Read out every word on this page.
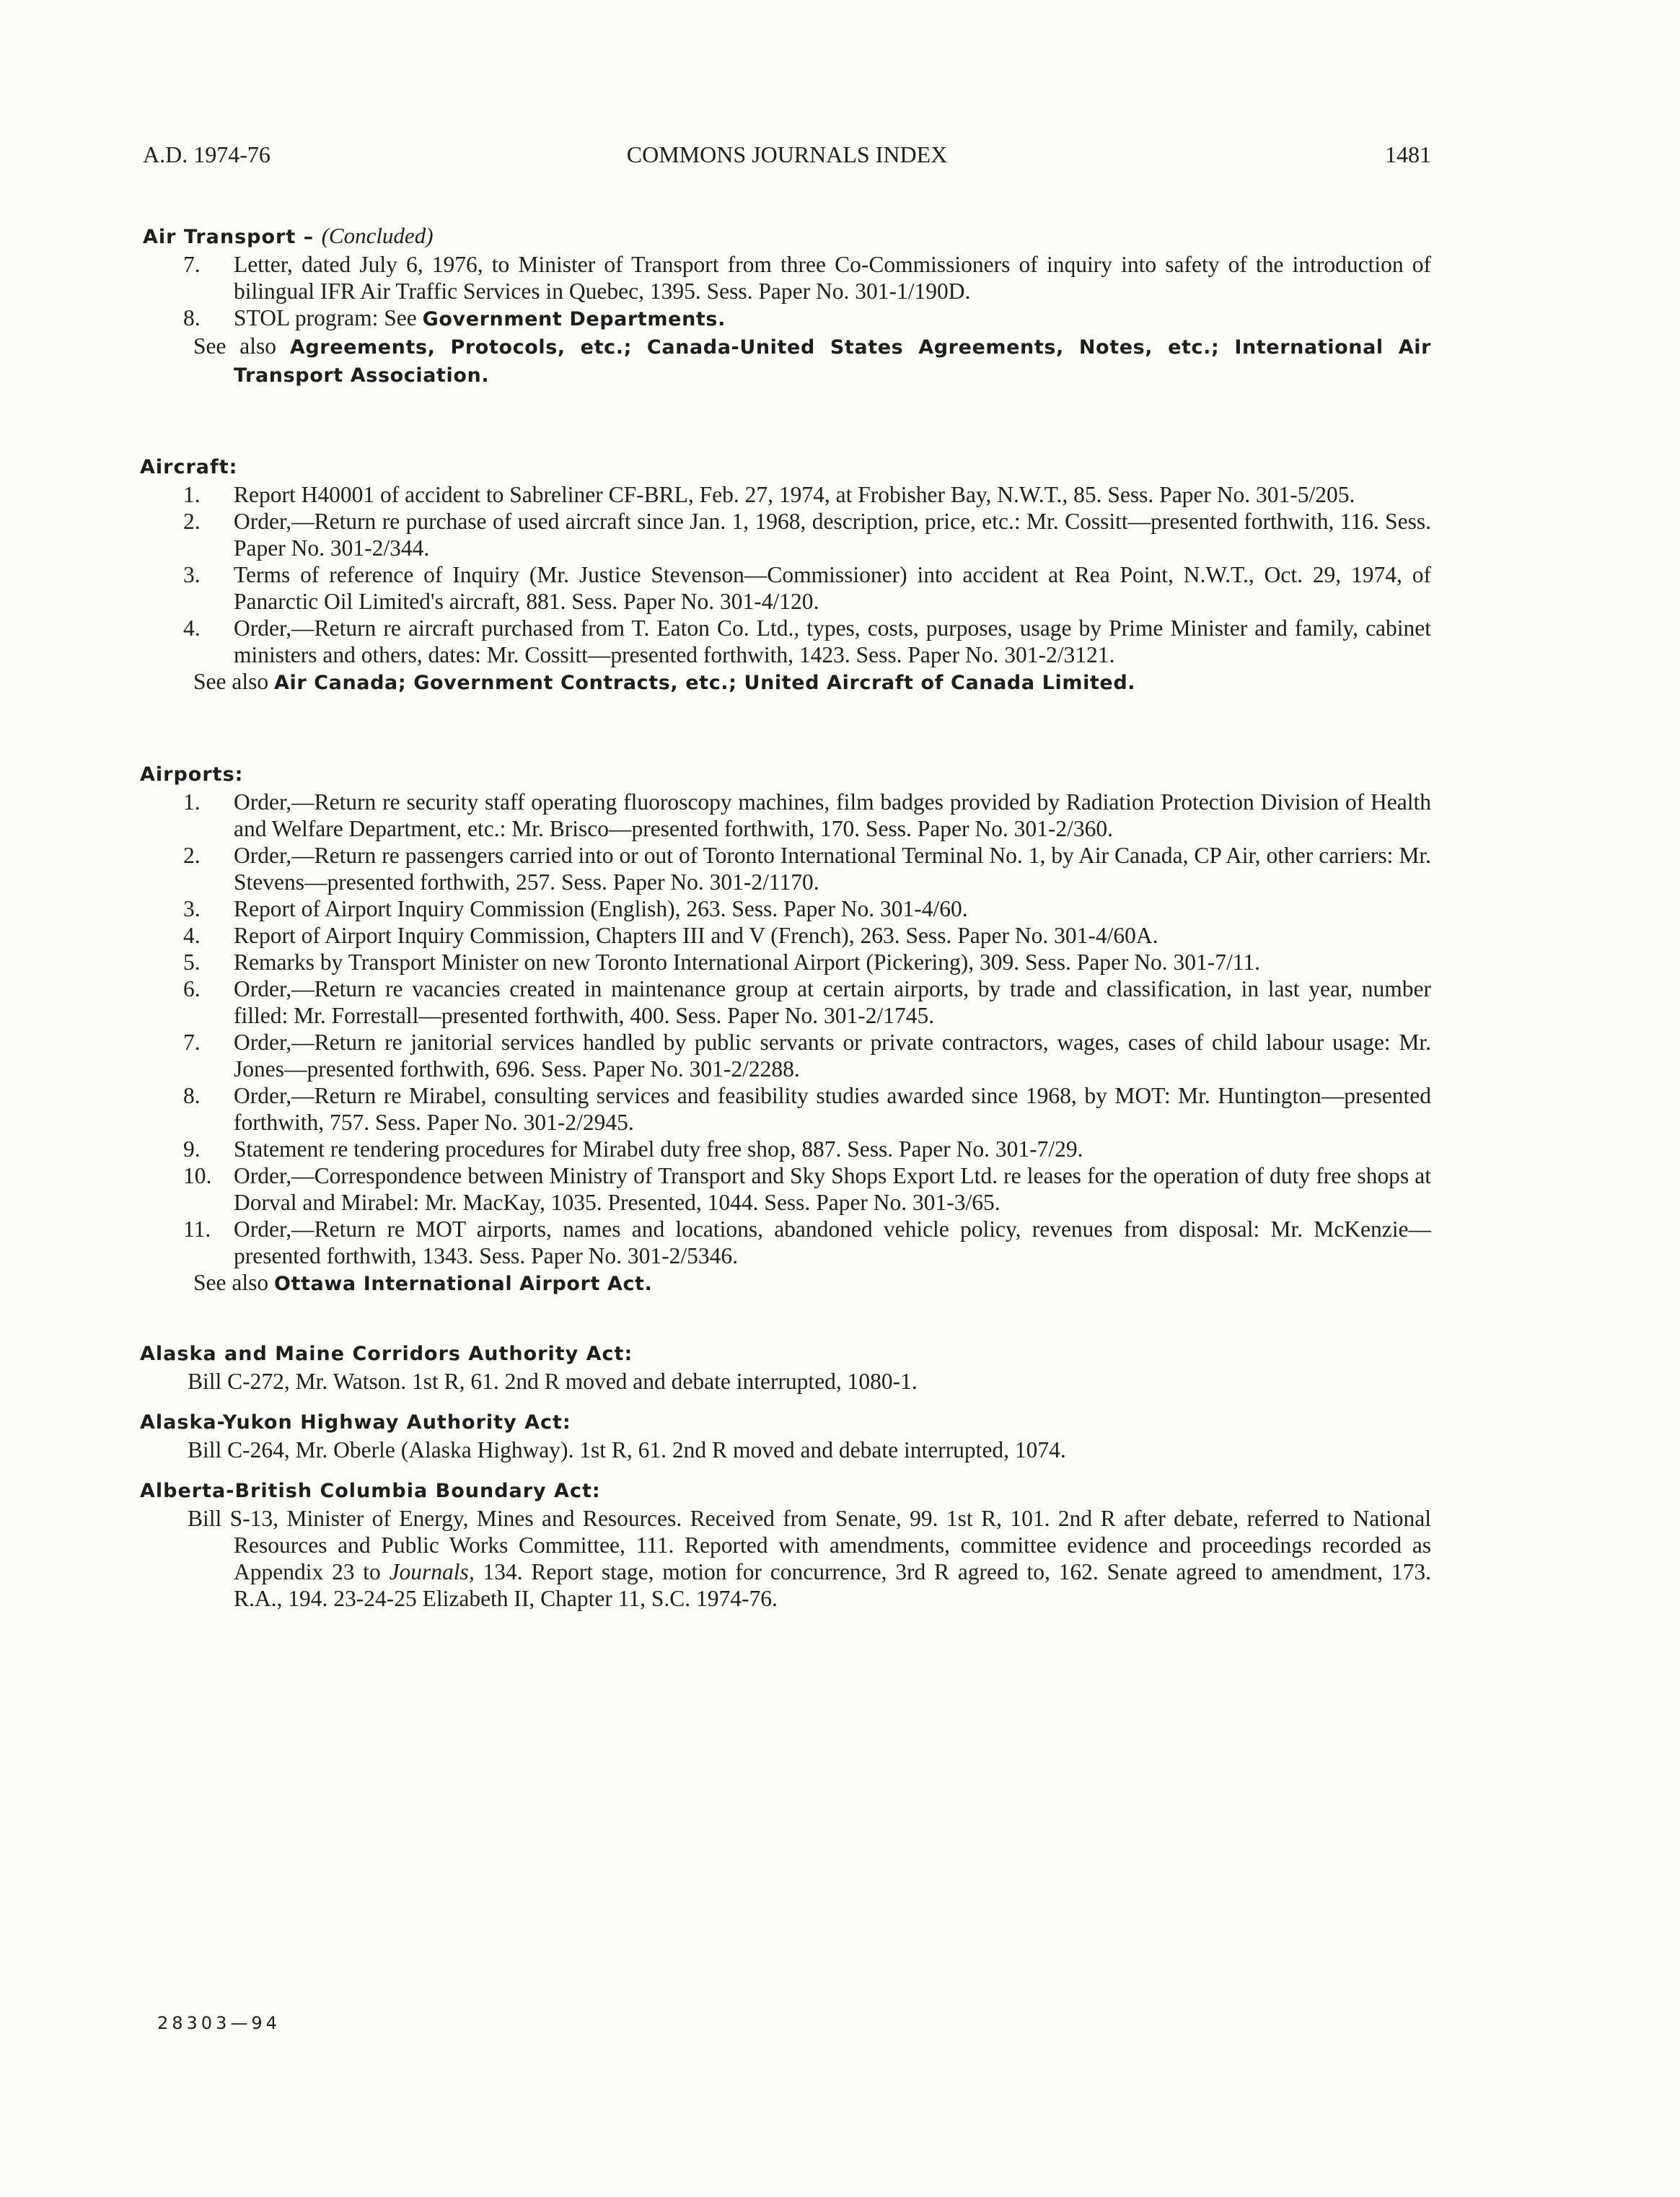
A.D. 1974-76	COMMONS JOURNALS INDEX	1481
Air Transport – (Concluded)
7.	Letter, dated July 6, 1976, to Minister of Transport from three Co-Commissioners of inquiry into safety of the introduction of bilingual IFR Air Traffic Services in Quebec, 1395. Sess. Paper No. 301-1/190D.
8.	STOL program: See Government Departments.
See also Agreements, Protocols, etc.; Canada-United States Agreements, Notes, etc.; International Air Transport Association.
Aircraft:
1.	Report H40001 of accident to Sabreliner CF-BRL, Feb. 27, 1974, at Frobisher Bay, N.W.T., 85. Sess. Paper No. 301-5/205.
2.	Order,—Return re purchase of used aircraft since Jan. 1, 1968, description, price, etc.: Mr. Cossitt—presented forthwith, 116. Sess. Paper No. 301-2/344.
3.	Terms of reference of Inquiry (Mr. Justice Stevenson—Commissioner) into accident at Rea Point, N.W.T., Oct. 29, 1974, of Panarctic Oil Limited's aircraft, 881. Sess. Paper No. 301-4/120.
4.	Order,—Return re aircraft purchased from T. Eaton Co. Ltd., types, costs, purposes, usage by Prime Minister and family, cabinet ministers and others, dates: Mr. Cossitt—presented forthwith, 1423. Sess. Paper No. 301-2/3121.
See also Air Canada; Government Contracts, etc.; United Aircraft of Canada Limited.
Airports:
1.	Order,—Return re security staff operating fluoroscopy machines, film badges provided by Radiation Protection Division of Health and Welfare Department, etc.: Mr. Brisco—presented forthwith, 170. Sess. Paper No. 301-2/360.
2.	Order,—Return re passengers carried into or out of Toronto International Terminal No. 1, by Air Canada, CP Air, other carriers: Mr. Stevens—presented forthwith, 257. Sess. Paper No. 301-2/1170.
3.	Report of Airport Inquiry Commission (English), 263. Sess. Paper No. 301-4/60.
4.	Report of Airport Inquiry Commission, Chapters III and V (French), 263. Sess. Paper No. 301-4/60A.
5.	Remarks by Transport Minister on new Toronto International Airport (Pickering), 309. Sess. Paper No. 301-7/11.
6.	Order,—Return re vacancies created in maintenance group at certain airports, by trade and classification, in last year, number filled: Mr. Forrestall—presented forthwith, 400. Sess. Paper No. 301-2/1745.
7.	Order,—Return re janitorial services handled by public servants or private contractors, wages, cases of child labour usage: Mr. Jones—presented forthwith, 696. Sess. Paper No. 301-2/2288.
8.	Order,—Return re Mirabel, consulting services and feasibility studies awarded since 1968, by MOT: Mr. Huntington—presented forthwith, 757. Sess. Paper No. 301-2/2945.
9.	Statement re tendering procedures for Mirabel duty free shop, 887. Sess. Paper No. 301-7/29.
10. Order,—Correspondence between Ministry of Transport and Sky Shops Export Ltd. re leases for the operation of duty free shops at Dorval and Mirabel: Mr. MacKay, 1035. Presented, 1044. Sess. Paper No. 301-3/65.
11.	Order,—Return re MOT airports, names and locations, abandoned vehicle policy, revenues from disposal: Mr. McKenzie—presented forthwith, 1343. Sess. Paper No. 301-2/5346.
See also Ottawa International Airport Act.
Alaska and Maine Corridors Authority Act:
Bill C-272, Mr. Watson. 1st R, 61. 2nd R moved and debate interrupted, 1080-1.
Alaska-Yukon Highway Authority Act:
Bill C-264, Mr. Oberle (Alaska Highway). 1st R, 61. 2nd R moved and debate interrupted, 1074.
Alberta-British Columbia Boundary Act:
Bill S-13, Minister of Energy, Mines and Resources. Received from Senate, 99. 1st R, 101. 2nd R after debate, referred to National Resources and Public Works Committee, 111. Reported with amendments, committee evidence and proceedings recorded as Appendix 23 to Journals, 134. Report stage, motion for concurrence, 3rd R agreed to, 162. Senate agreed to amendment, 173. R.A., 194. 23-24-25 Elizabeth II, Chapter 11, S.C. 1974-76.
28303—94
